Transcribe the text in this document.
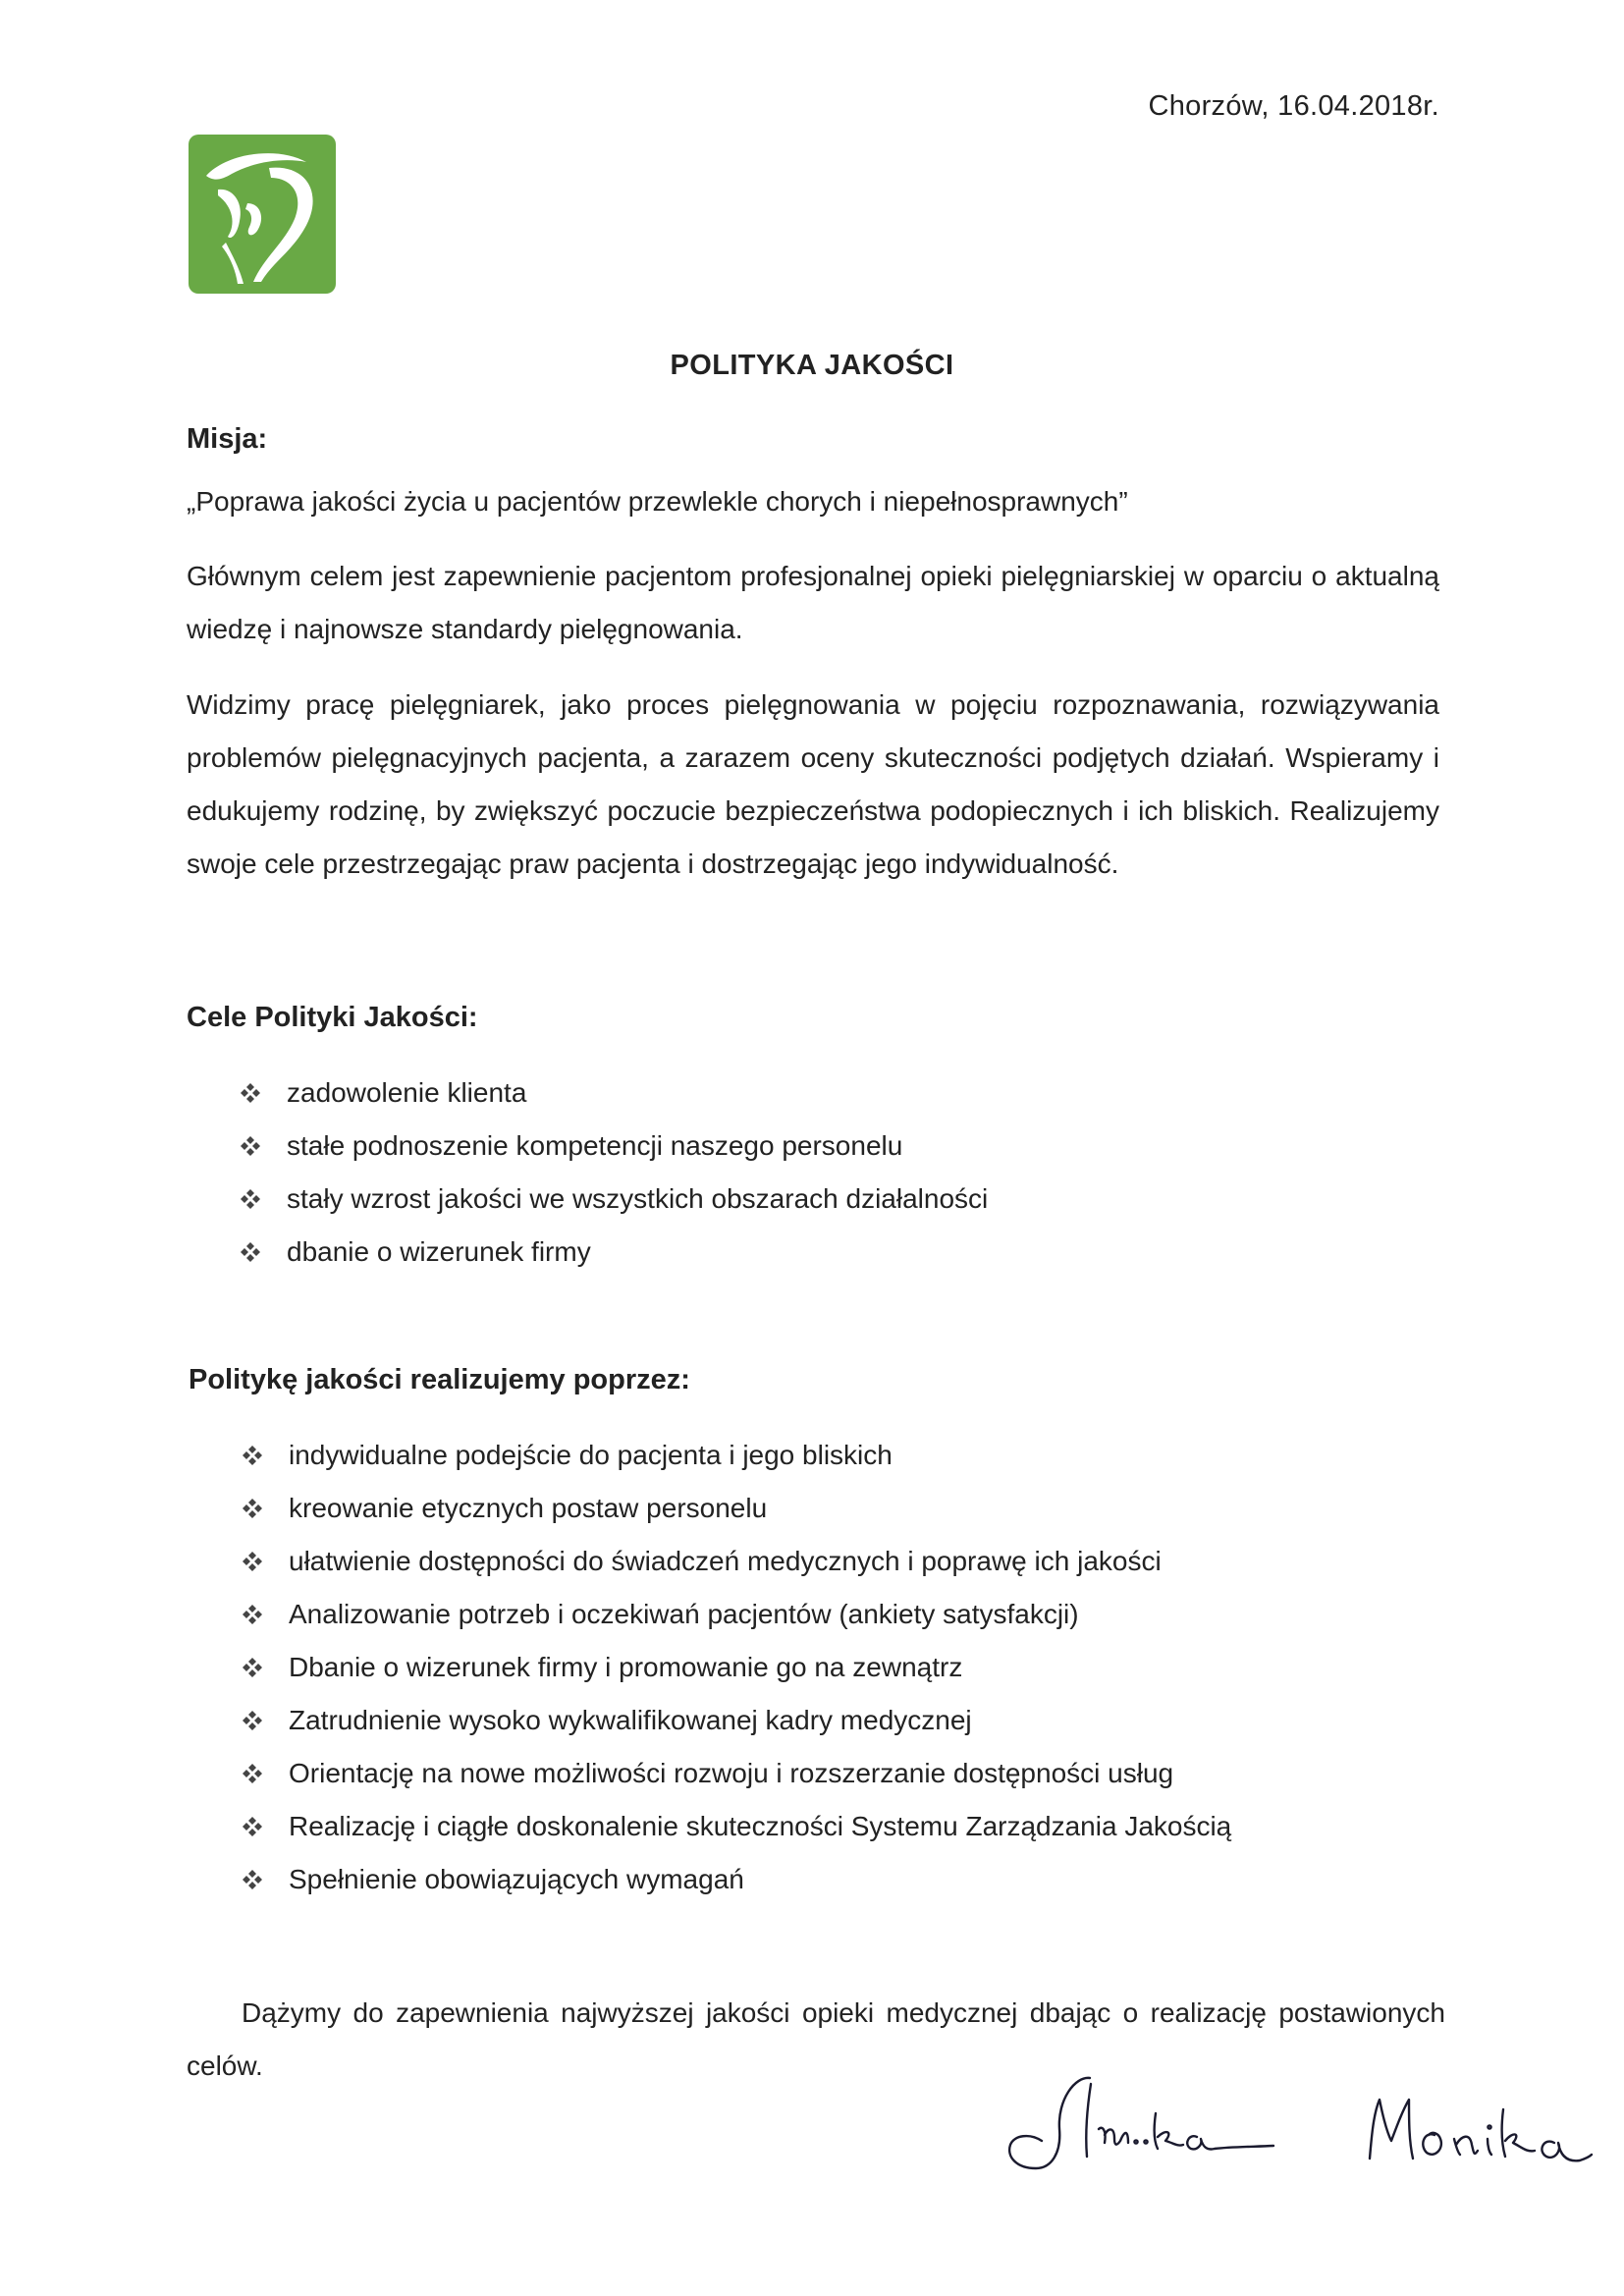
Chorzów, 16.04.2018r.
POLITYKA JAKOŚCI
Misja:
„Poprawa jakości życia u pacjentów przewlekle chorych i niepełnosprawnych”
Głównym celem jest zapewnienie pacjentom profesjonalnej opieki pielęgniarskiej w oparciu o aktualną wiedzę i najnowsze standardy pielęgnowania.
Widzimy pracę pielęgniarek, jako proces pielęgnowania w pojęciu rozpoznawania, rozwiązywania problemów pielęgnacyjnych pacjenta, a zarazem oceny skuteczności podjętych działań. Wspieramy i edukujemy rodzinę, by zwiększyć poczucie bezpieczeństwa podopiecznych i ich bliskich. Realizujemy swoje cele przestrzegając praw pacjenta i dostrzegając jego indywidualność.
Cele Polityki Jakości:
zadowolenie klienta
stałe podnoszenie kompetencji naszego personelu
stały wzrost jakości we wszystkich obszarach działalności
dbanie o wizerunek firmy
Politykę jakości realizujemy poprzez:
indywidualne podejście do pacjenta i jego bliskich
kreowanie etycznych postaw personelu
ułatwienie dostępności do świadczeń medycznych i poprawę ich jakości
Analizowanie potrzeb i oczekiwań pacjentów (ankiety satysfakcji)
Dbanie o wizerunek firmy i promowanie go na zewnątrz
Zatrudnienie wysoko wykwalifikowanej kadry medycznej
Orientację na nowe możliwości rozwoju i rozszerzanie dostępności usług
Realizację i ciągłe doskonalenie skuteczności Systemu Zarządzania Jakością
Spełnienie obowiązujących wymagań
Dążymy do zapewnienia najwyższej jakości opieki medycznej dbając o realizację postawionych celów.
